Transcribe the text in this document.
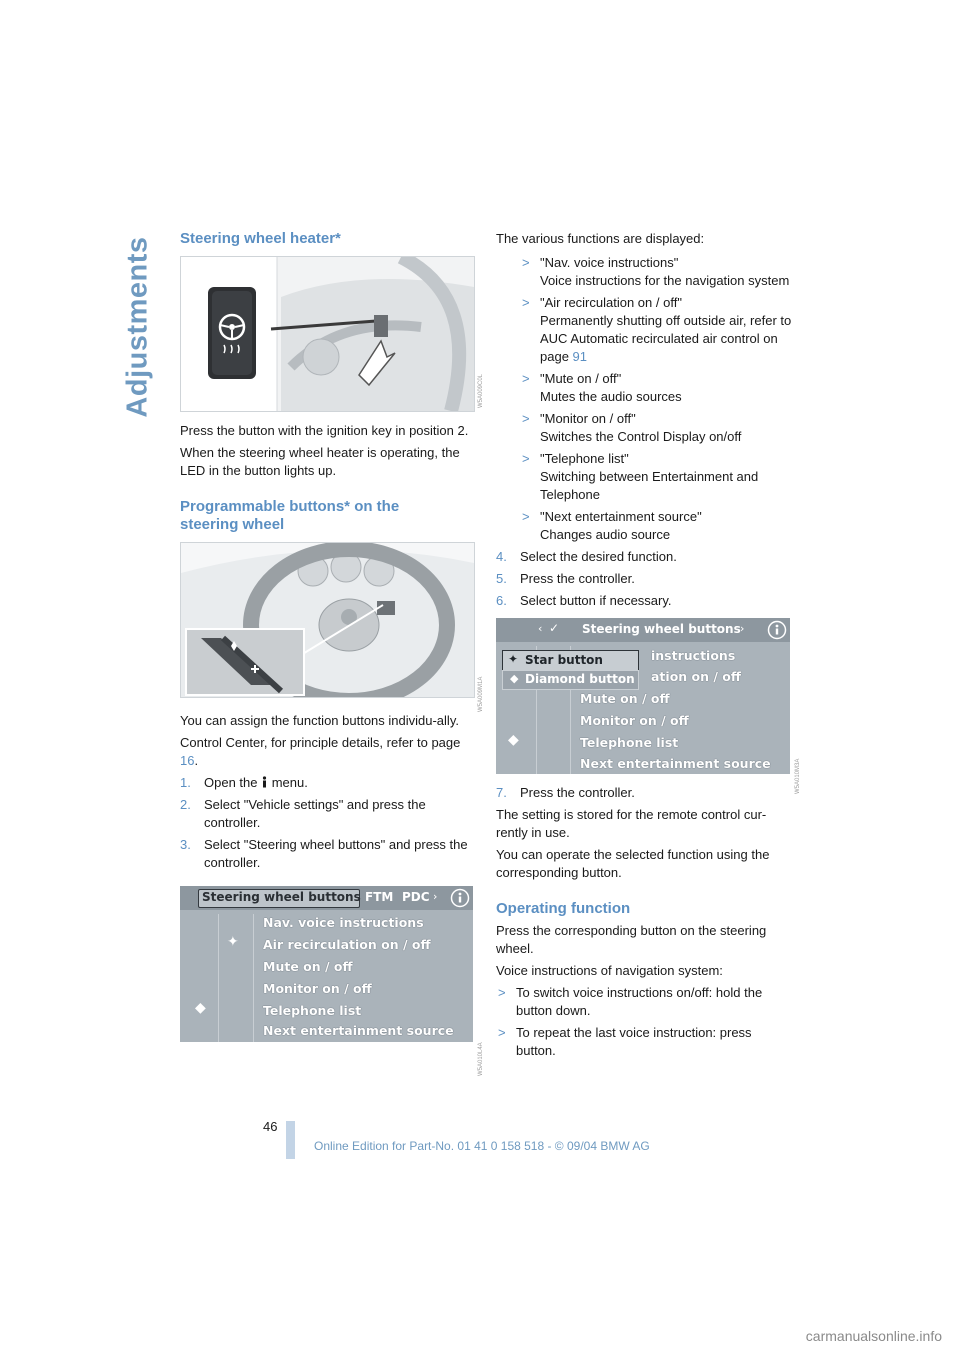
Adjustments Steering wheel heater*

Press the button with the ignition key in position 2.

When the steering wheel heater is operating, the LED in the button lights up.

Programmable buttons* on the
steering wheel

You can assign the function buttons individu-ally.

Control Center, for principle details, refer to page 16.

1. Open the  menu.
2. Select "Vehicle settings" and press the controller.
3. Select "Steering wheel buttons" and press the controller.
Steering wheel buttons FTM PDC ›
✦
◆
Nav. voice instructions
Air recirculation on / off
Mute on / off
Monitor on / off
Telephone list
Next entertainment source
W5A009C0L
W5A009M1A
W5A010L4A
W5A010M3A

The various functions are displayed:

> "Nav. voice instructions"
Voice instructions for the navigation system
> "Air recirculation on / off"
Permanently shutting off outside air, refer to AUC Automatic recirculated air control on page 91
> "Mute on / off"
Mutes the audio sources
> "Monitor on / off"
Switches the Control Display on/off
> "Telephone list"
Switching between Entertainment and Telephone
> "Next entertainment source"
Changes audio source
4. Select the desired function.
5. Press the controller.
6. Select button if necessary.
‹ ✓ Steering wheel buttons ›
✦ Star button
◆ Diamond button
◆
instructions
ation on / off
Mute on / off
Monitor on / off
Telephone list
Next entertainment source
7. Press the controller.

The setting is stored for the remote control cur-rently in use.

You can operate the selected function using the corresponding button.

Operating function

Press the corresponding button on the steering wheel.

Voice instructions of navigation system:

> To switch voice instructions on/off: hold the button down.
> To repeat the last voice instruction: press button.
46
Online Edition for Part-No. 01 41 0 158 518 - © 09/04 BMW AG
carmanualsonline.info
